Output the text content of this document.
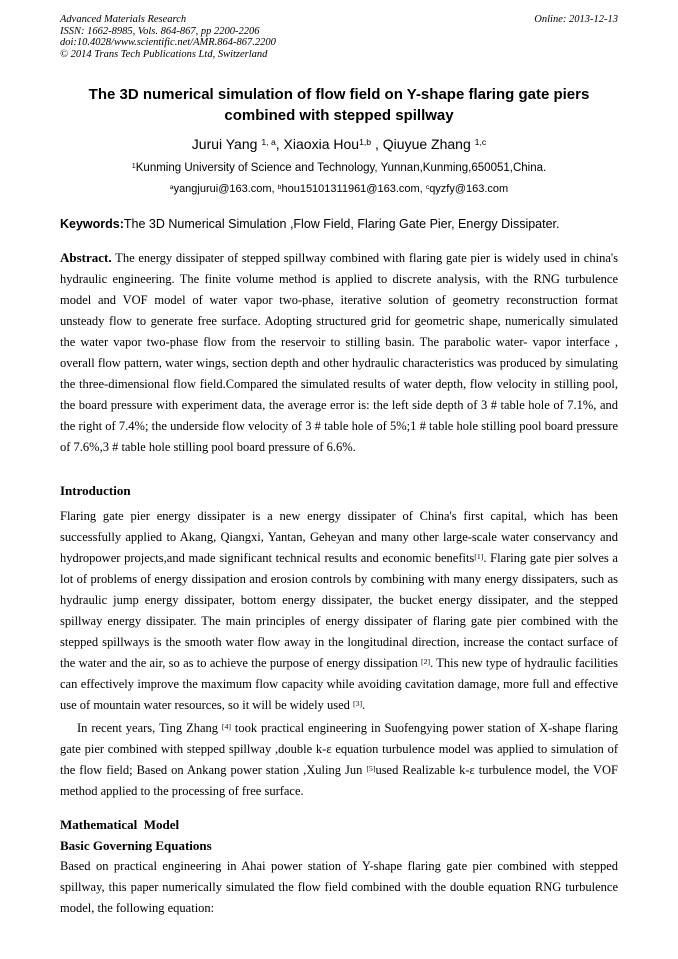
Advanced Materials Research
ISSN: 1662-8985, Vols. 864-867, pp 2200-2206
doi:10.4028/www.scientific.net/AMR.864-867.2200
© 2014 Trans Tech Publications Ltd, Switzerland
Online: 2013-12-13
The 3D numerical simulation of flow field on Y-shape flaring gate piers combined with stepped spillway
Jurui Yang $^{1, a}$, Xiaoxia Hou$^{1,b}$ , Qiuyue Zhang $^{1,c}$
$^1$Kunming University of Science and Technology, Yunnan,Kunming,650051,China.
$^a$yangjurui@163.com, $^b$hou15101311961@163.com, $^c$qyzfy@163.com

Keywords:The 3D Numerical Simulation ,Flow Field, Flaring Gate Pier, Energy Dissipater.

Abstract. The energy dissipater of stepped spillway combined with flaring gate pier is widely used in china's hydraulic engineering. The finite volume method is applied to discrete analysis, with the RNG turbulence model and VOF model of water vapor two-phase, iterative solution of geometry reconstruction format unsteady flow to generate free surface. Adopting structured grid for geometric shape, numerically simulated the water vapor two-phase flow from the reservoir to stilling basin. The parabolic water- vapor interface , overall flow pattern, water wings, section depth and other hydraulic characteristics was produced by simulating the three-dimensional flow field.Compared the simulated results of water depth, flow velocity in stilling pool, the board pressure with experiment data, the average error is: the left side depth of 3 # table hole of 7.1%, and the right of 7.4%; the underside flow velocity of 3 # table hole of 5%;1 # table hole stilling pool board pressure of 7.6%,3 # table hole stilling pool board pressure of 6.6%.

Introduction

Flaring gate pier energy dissipater is a new energy dissipater of China's first capital, which has been successfully applied to Akang, Qiangxi, Yantan, Geheyan and many other large-scale water conservancy and hydropower projects,and made significant technical results and economic benefits[1]. Flaring gate pier solves a lot of problems of energy dissipation and erosion controls by combining with many energy dissipaters, such as hydraulic jump energy dissipater, bottom energy dissipater, the bucket energy dissipater, and the stepped spillway energy dissipater. The main principles of energy dissipater of flaring gate pier combined with the stepped spillways is the smooth water flow away in the longitudinal direction, increase the contact surface of the water and the air, so as to achieve the purpose of energy dissipation [2]. This new type of hydraulic facilities can effectively improve the maximum flow capacity while avoiding cavitation damage, more full and effective use of mountain water resources, so it will be widely used [3].

In recent years, Ting Zhang [4] took practical engineering in Suofengying power station of X-shape flaring gate pier combined with stepped spillway ,double k-ε equation turbulence model was applied to simulation of the flow field; Based on Ankang power station ,Xuling Jun [5]used Realizable k-ε turbulence model, the VOF method applied to the processing of free surface.

Mathematical  Model
Basic Governing Equations

Based on practical engineering in Ahai power station of Y-shape flaring gate pier combined with stepped spillway, this paper numerically simulated the flow field combined with the double equation RNG turbulence model, the following equation:
